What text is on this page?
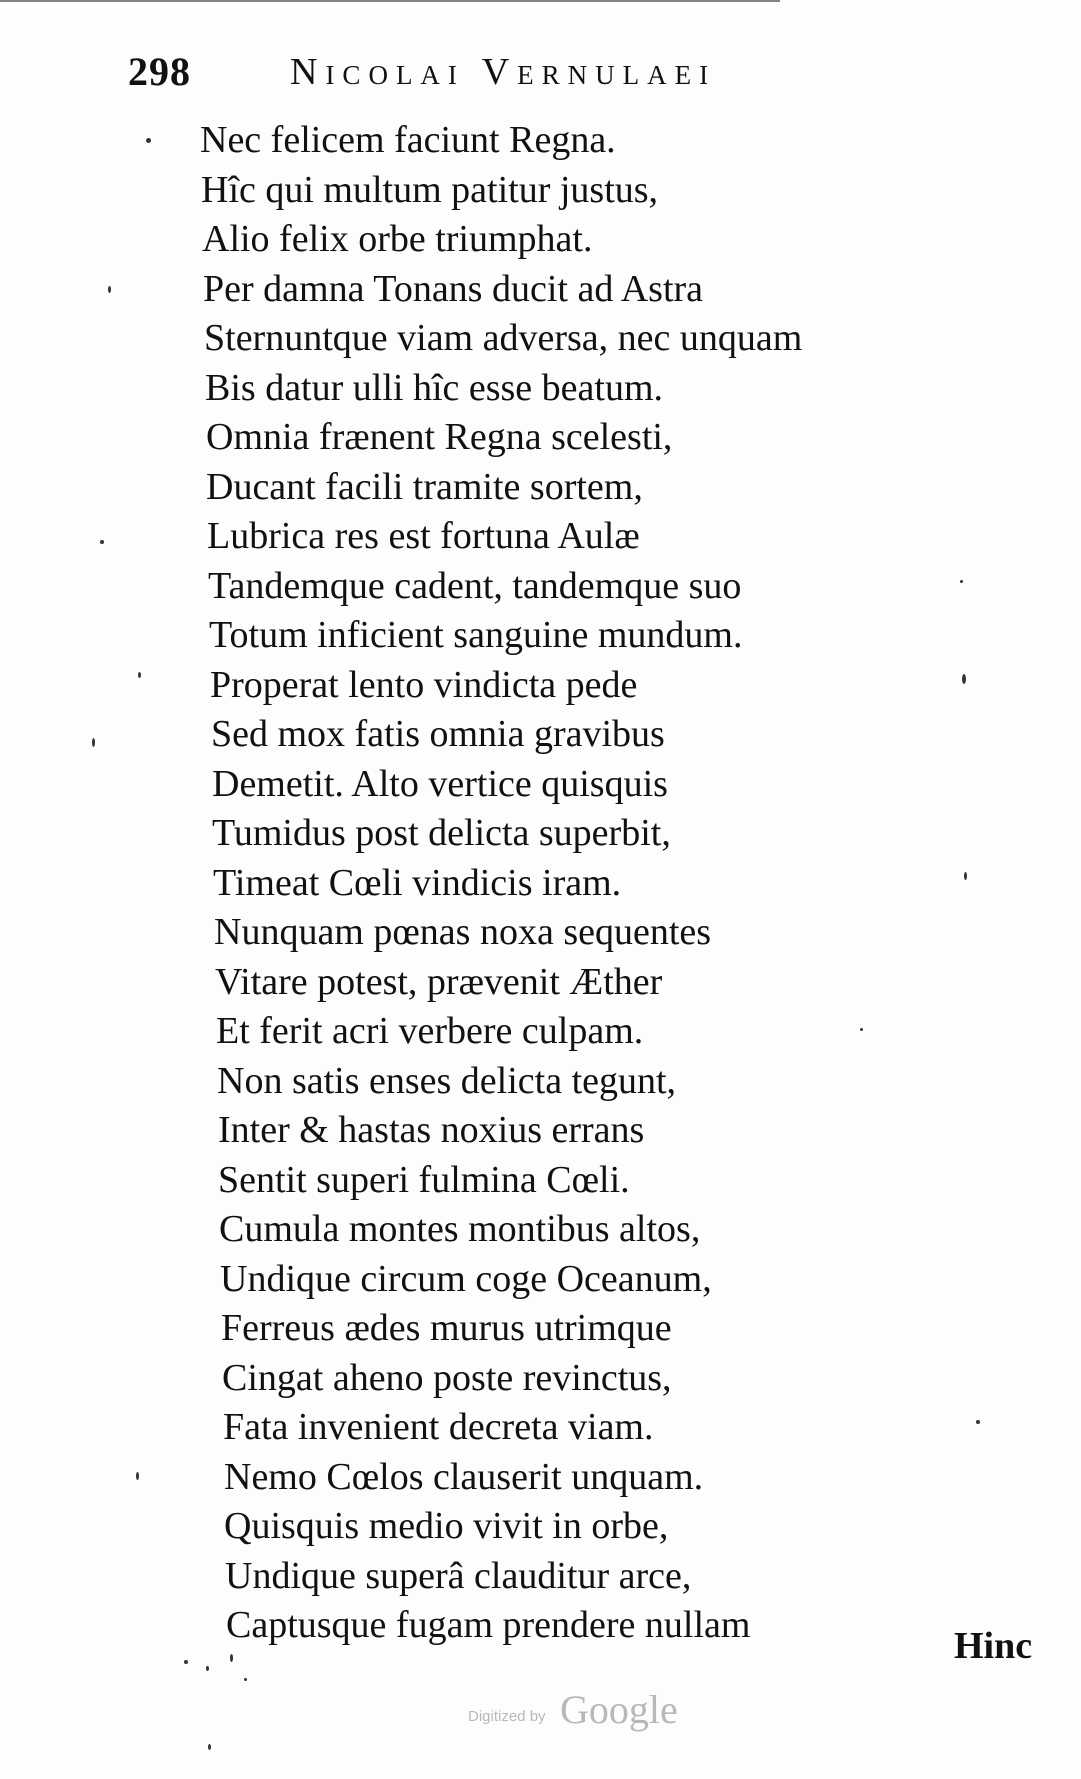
298	Nicolai Vernulaei
Nec felicem faciunt Regna.
Hîc qui multum patitur justus,
Alio felix orbe triumphat.
Per damna Tonans ducit ad Astra
Sternuntque viam adversa, nec unquam
Bis datur ulli hîc esse beatum.
Omnia frænent Regna scelesti,
Ducant facili tramite sortem,
Lubrica res est fortuna Aulæ
Tandemque cadent, tandemque suo
Totum inficient sanguine mundum.
Properat lento vindicta pede
Sed mox fatis omnia gravibus
Demetit. Alto vertice quisquis
Tumidus post delicta superbit,
Timeat Cœli vindicis iram.
Nunquam pœnas noxa sequentes
Vitare potest, prævenit Æther
Et ferit acri verbere culpam.
Non satis enses delicta tegunt,
Inter & hastas noxius errans
Sentit superi fulmina Cœli.
Cumula montes montibus altos,
Undique circum coge Oceanum,
Ferreus ædes murus utrimque
Cingat aheno poste revinctus,
Fata invenient decreta viam.
Nemo Cœlos clauserit unquam.
Quisquis medio vivit in orbe,
Undique superâ clauditur arce,
Captusque fugam prendere nullam	Hinc
Digitized by Google
